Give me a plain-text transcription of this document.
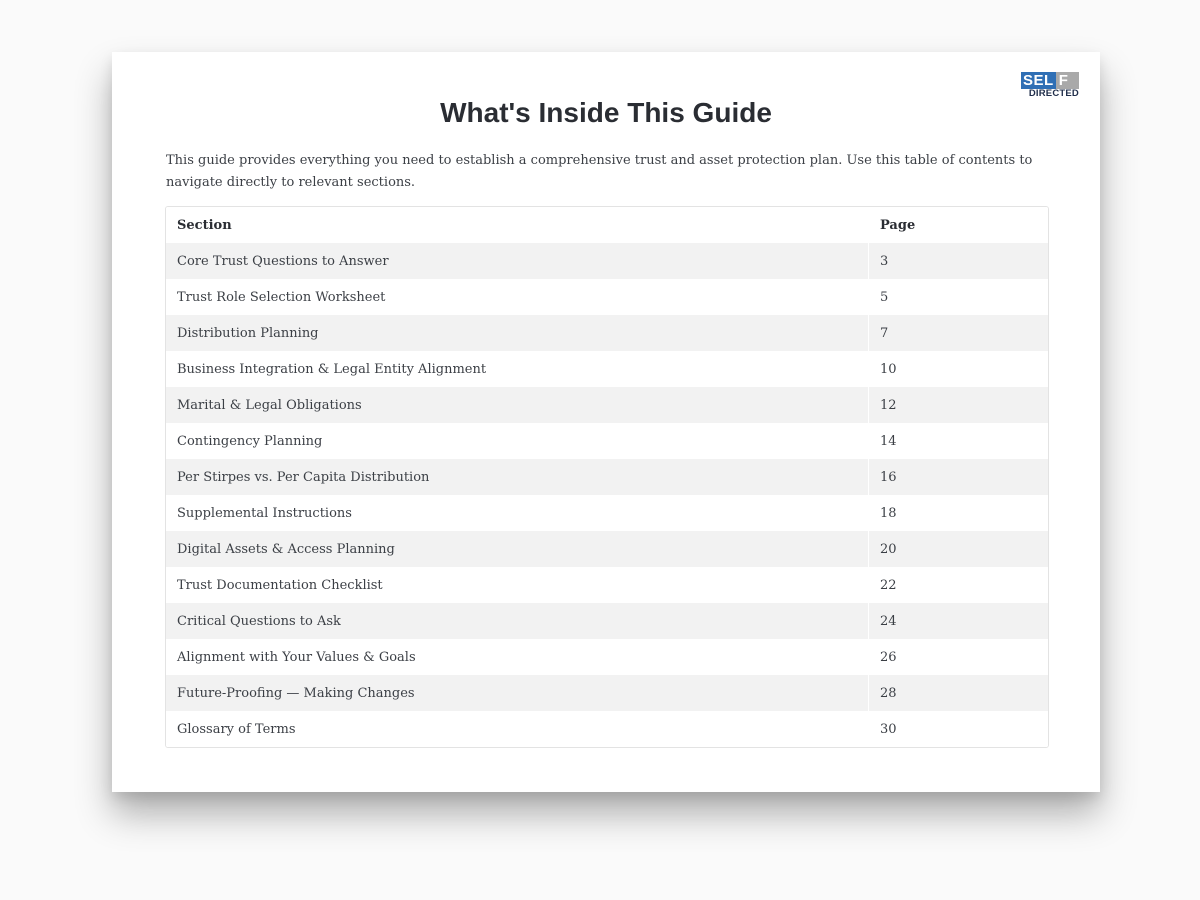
SEL F
DIRECTED
What's Inside This Guide

This guide provides everything you need to establish a comprehensive trust and asset protection plan. Use this table of contents to navigate directly to relevant sections.

Section	Page
Core Trust Questions to Answer	3
Trust Role Selection Worksheet	5
Distribution Planning	7
Business Integration & Legal Entity Alignment	10
Marital & Legal Obligations	12
Contingency Planning	14
Per Stirpes vs. Per Capita Distribution	16
Supplemental Instructions	18
Digital Assets & Access Planning	20
Trust Documentation Checklist	22
Critical Questions to Ask	24
Alignment with Your Values & Goals	26
Future-Proofing — Making Changes	28
Glossary of Terms	30
